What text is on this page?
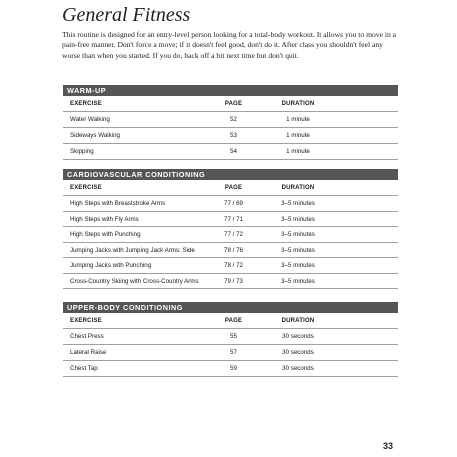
General Fitness

This routine is designed for an entry-level person looking for a total-body workout. It allows you to move in a pain-free manner. Don't force a move; if it doesn't feel good, don't do it. After class you shouldn't feel any worse than when you started. If you do, back off a bit next time but don't quit.

WARM-UP
EXERCISE	PAGE	DURATION
Water Walking	52	1 minute
Sideways Walking	53	1 minute
Skipping	54	1 minute
CARDIOVASCULAR CONDITIONING
EXERCISE	PAGE	DURATION
High Steps with Breaststroke Arms	77 / 69	3–5 minutes
High Steps with Fly Arms	77 / 71	3–5 minutes
High Steps with Punching	77 / 72	3–5 minutes
Jumping Jacks with Jumping Jack Arms: Side	78 / 76	3–5 minutes
Jumping Jacks with Punching	78 / 72	3–5 minutes
Cross-Country Skiing with Cross-Country Arms	79 / 73	3–5 minutes
UPPER-BODY CONDITIONING
EXERCISE	PAGE	DURATION
Chest Press	55	30 seconds
Lateral Raise	57	30 seconds
Chest Tap	59	30 seconds
33
